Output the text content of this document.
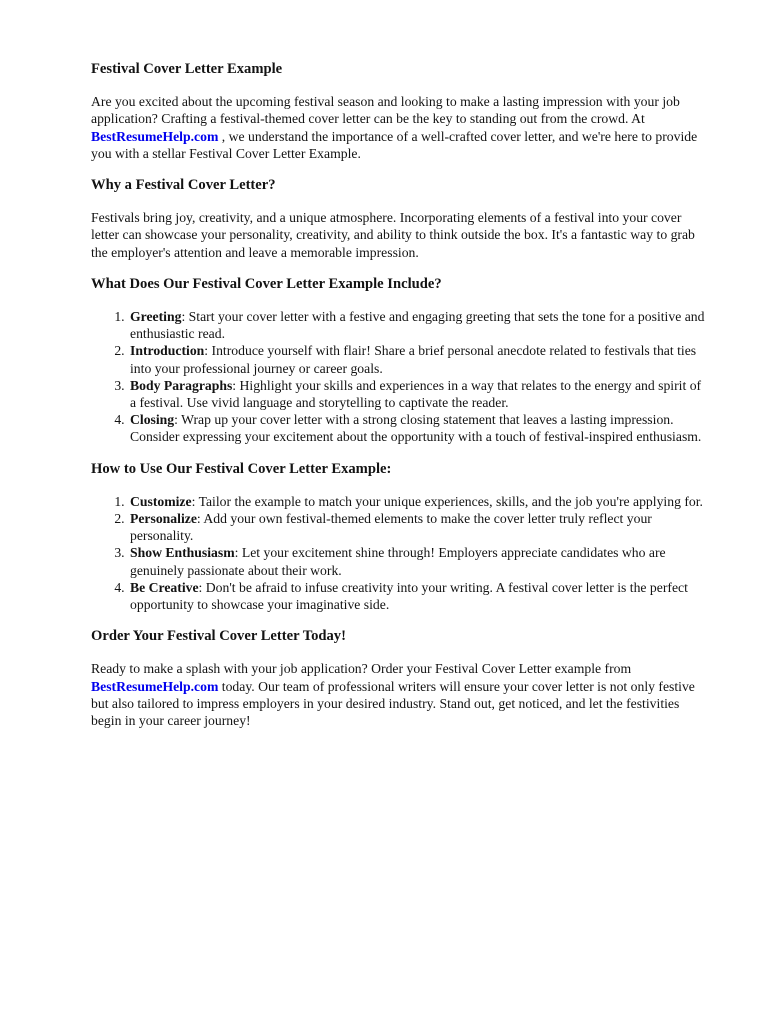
Festival Cover Letter Example

Are you excited about the upcoming festival season and looking to make a lasting impression with your job application? Crafting a festival-themed cover letter can be the key to standing out from the crowd. At BestResumeHelp.com , we understand the importance of a well-crafted cover letter, and we're here to provide you with a stellar Festival Cover Letter Example.

Why a Festival Cover Letter?

Festivals bring joy, creativity, and a unique atmosphere. Incorporating elements of a festival into your cover letter can showcase your personality, creativity, and ability to think outside the box. It's a fantastic way to grab the employer's attention and leave a memorable impression.

What Does Our Festival Cover Letter Example Include?
1. Greeting: Start your cover letter with a festive and engaging greeting that sets the tone for a positive and enthusiastic read.
2. Introduction: Introduce yourself with flair! Share a brief personal anecdote related to festivals that ties into your professional journey or career goals.
3. Body Paragraphs: Highlight your skills and experiences in a way that relates to the energy and spirit of a festival. Use vivid language and storytelling to captivate the reader.
4. Closing: Wrap up your cover letter with a strong closing statement that leaves a lasting impression. Consider expressing your excitement about the opportunity with a touch of festival-inspired enthusiasm.
How to Use Our Festival Cover Letter Example:
1. Customize: Tailor the example to match your unique experiences, skills, and the job you're applying for.
2. Personalize: Add your own festival-themed elements to make the cover letter truly reflect your personality.
3. Show Enthusiasm: Let your excitement shine through! Employers appreciate candidates who are genuinely passionate about their work.
4. Be Creative: Don't be afraid to infuse creativity into your writing. A festival cover letter is the perfect opportunity to showcase your imaginative side.
Order Your Festival Cover Letter Today!

Ready to make a splash with your job application? Order your Festival Cover Letter example from BestResumeHelp.com today. Our team of professional writers will ensure your cover letter is not only festive but also tailored to impress employers in your desired industry. Stand out, get noticed, and let the festivities begin in your career journey!
